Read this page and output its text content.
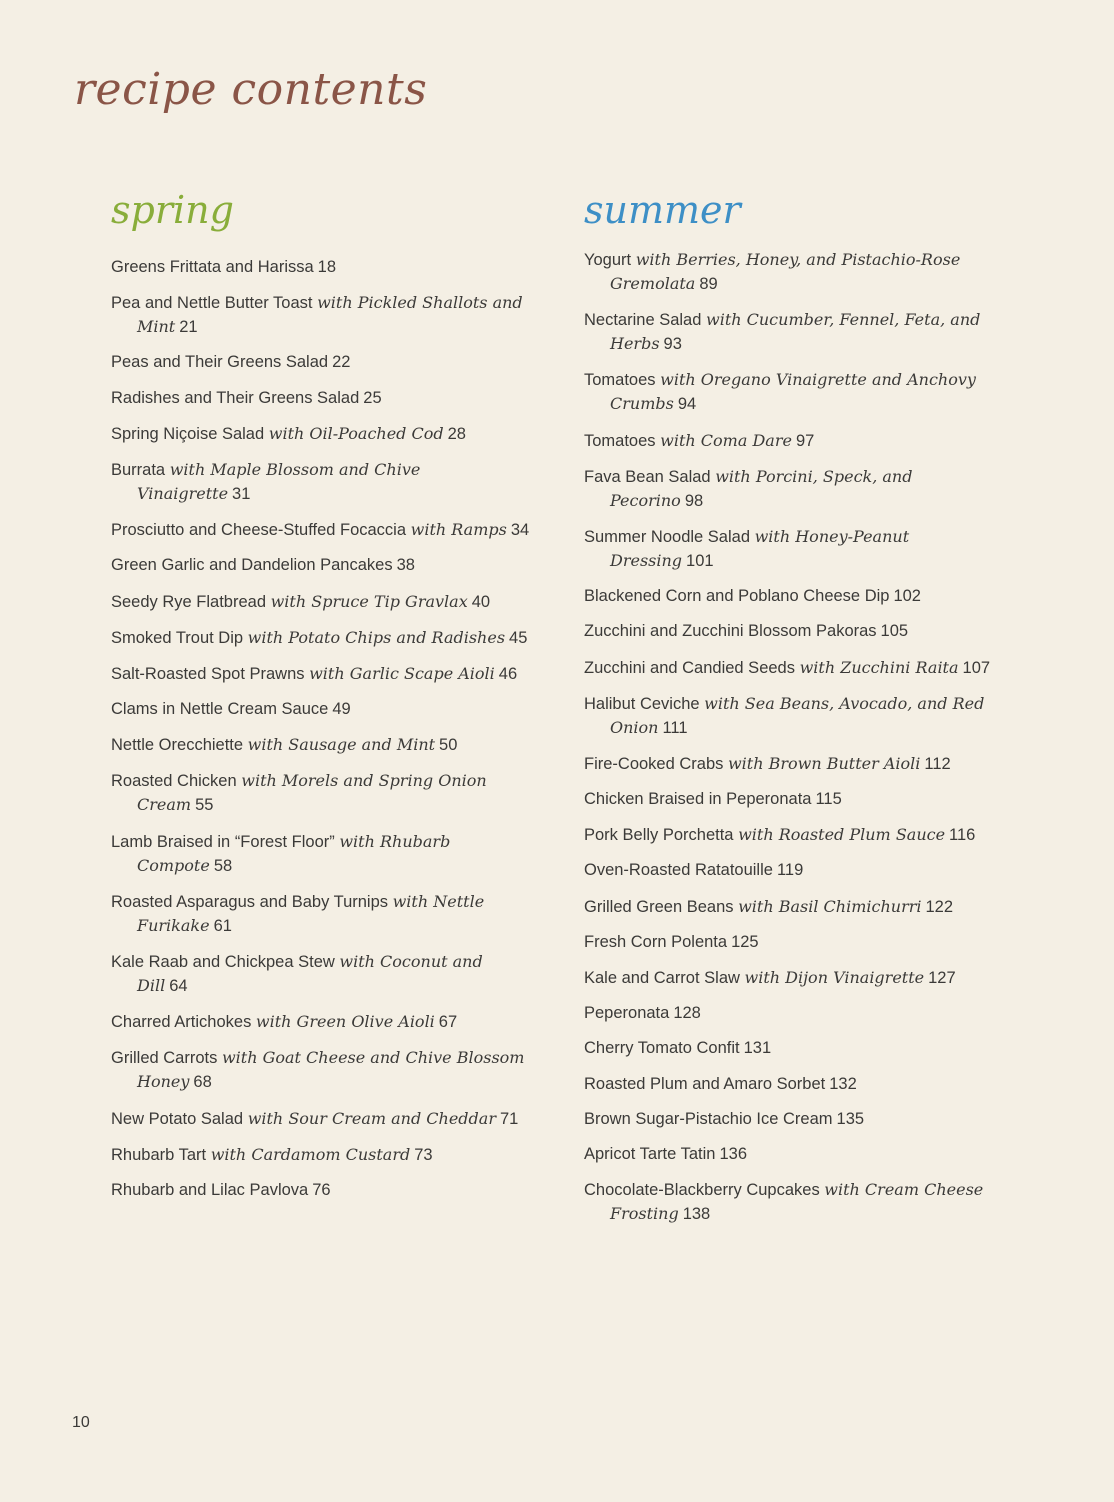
recipe contents
spring
Greens Frittata and Harissa 18
Pea and Nettle Butter Toast with Pickled Shallots and Mint 21
Peas and Their Greens Salad 22
Radishes and Their Greens Salad 25
Spring Niçoise Salad with Oil-Poached Cod 28
Burrata with Maple Blossom and Chive Vinaigrette 31
Prosciutto and Cheese-Stuffed Focaccia with Ramps 34
Green Garlic and Dandelion Pancakes 38
Seedy Rye Flatbread with Spruce Tip Gravlax 40
Smoked Trout Dip with Potato Chips and Radishes 45
Salt-Roasted Spot Prawns with Garlic Scape Aioli 46
Clams in Nettle Cream Sauce 49
Nettle Orecchiette with Sausage and Mint 50
Roasted Chicken with Morels and Spring Onion Cream 55
Lamb Braised in “Forest Floor” with Rhubarb Compote 58
Roasted Asparagus and Baby Turnips with Nettle Furikake 61
Kale Raab and Chickpea Stew with Coconut and Dill 64
Charred Artichokes with Green Olive Aioli 67
Grilled Carrots with Goat Cheese and Chive Blossom Honey 68
New Potato Salad with Sour Cream and Cheddar 71
Rhubarb Tart with Cardamom Custard 73
Rhubarb and Lilac Pavlova 76
summer
Yogurt with Berries, Honey, and Pistachio-Rose Gremolata 89
Nectarine Salad with Cucumber, Fennel, Feta, and Herbs 93
Tomatoes with Oregano Vinaigrette and Anchovy Crumbs 94
Tomatoes with Coma Dare 97
Fava Bean Salad with Porcini, Speck, and Pecorino 98
Summer Noodle Salad with Honey-Peanut Dressing 101
Blackened Corn and Poblano Cheese Dip 102
Zucchini and Zucchini Blossom Pakoras 105
Zucchini and Candied Seeds with Zucchini Raita 107
Halibut Ceviche with Sea Beans, Avocado, and Red Onion 111
Fire-Cooked Crabs with Brown Butter Aioli 112
Chicken Braised in Peperonata 115
Pork Belly Porchetta with Roasted Plum Sauce 116
Oven-Roasted Ratatouille 119
Grilled Green Beans with Basil Chimichurri 122
Fresh Corn Polenta 125
Kale and Carrot Slaw with Dijon Vinaigrette 127
Peperonata 128
Cherry Tomato Confit 131
Roasted Plum and Amaro Sorbet 132
Brown Sugar-Pistachio Ice Cream 135
Apricot Tarte Tatin 136
Chocolate-Blackberry Cupcakes with Cream Cheese Frosting 138
10
